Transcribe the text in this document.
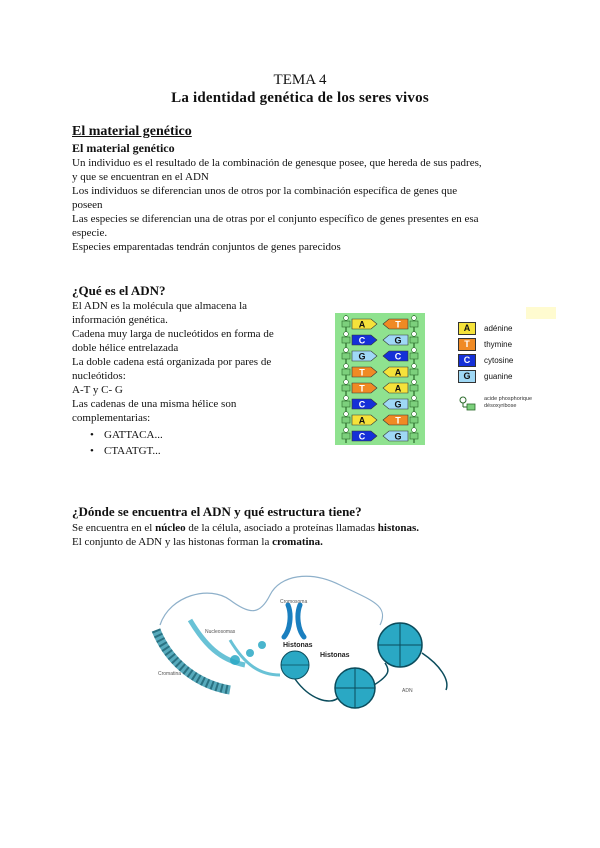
TEMA 4
La identidad genética de los seres vivos
El material genético
El material genético

Un individuo es el resultado de la combinación de genesque posee, que hereda de sus padres,

y que se encuentran en el ADN

Los individuos se diferencian unos de otros por la combinación específica de genes que

poseen

Las especies se diferencian una de otras por el conjunto específico de genes presentes en esa

especie.

Especies emparentadas tendrán conjuntos de genes parecidos

¿Qué es el ADN?

El ADN es la molécula que almacena la

información genética.

Cadena muy larga de nucleótidos en forma de

doble hélice entrelazada

La doble cadena está organizada por pares de

nucleótidos:

A-T y C- G

Las cadenas de una misma hélice son

complementarias:

• GATTACA...
• CTAATGT...
A	T
C	G
G	C
T	A
T	A
C	G
A	T
C	G
A	adénine
T	thymine
C	cytosine
G	guanine
acide phosphorique
désoxyribose
¿Dónde se encuentra el ADN y qué estructura tiene?

Se encuentra en el núcleo de la célula, asociado a proteínas llamadas histonas.

El conjunto de ADN y las histonas forman la cromatina.

Cromosoma
Nucleosomas
Cromatina
Histonas
Histonas
ADN
